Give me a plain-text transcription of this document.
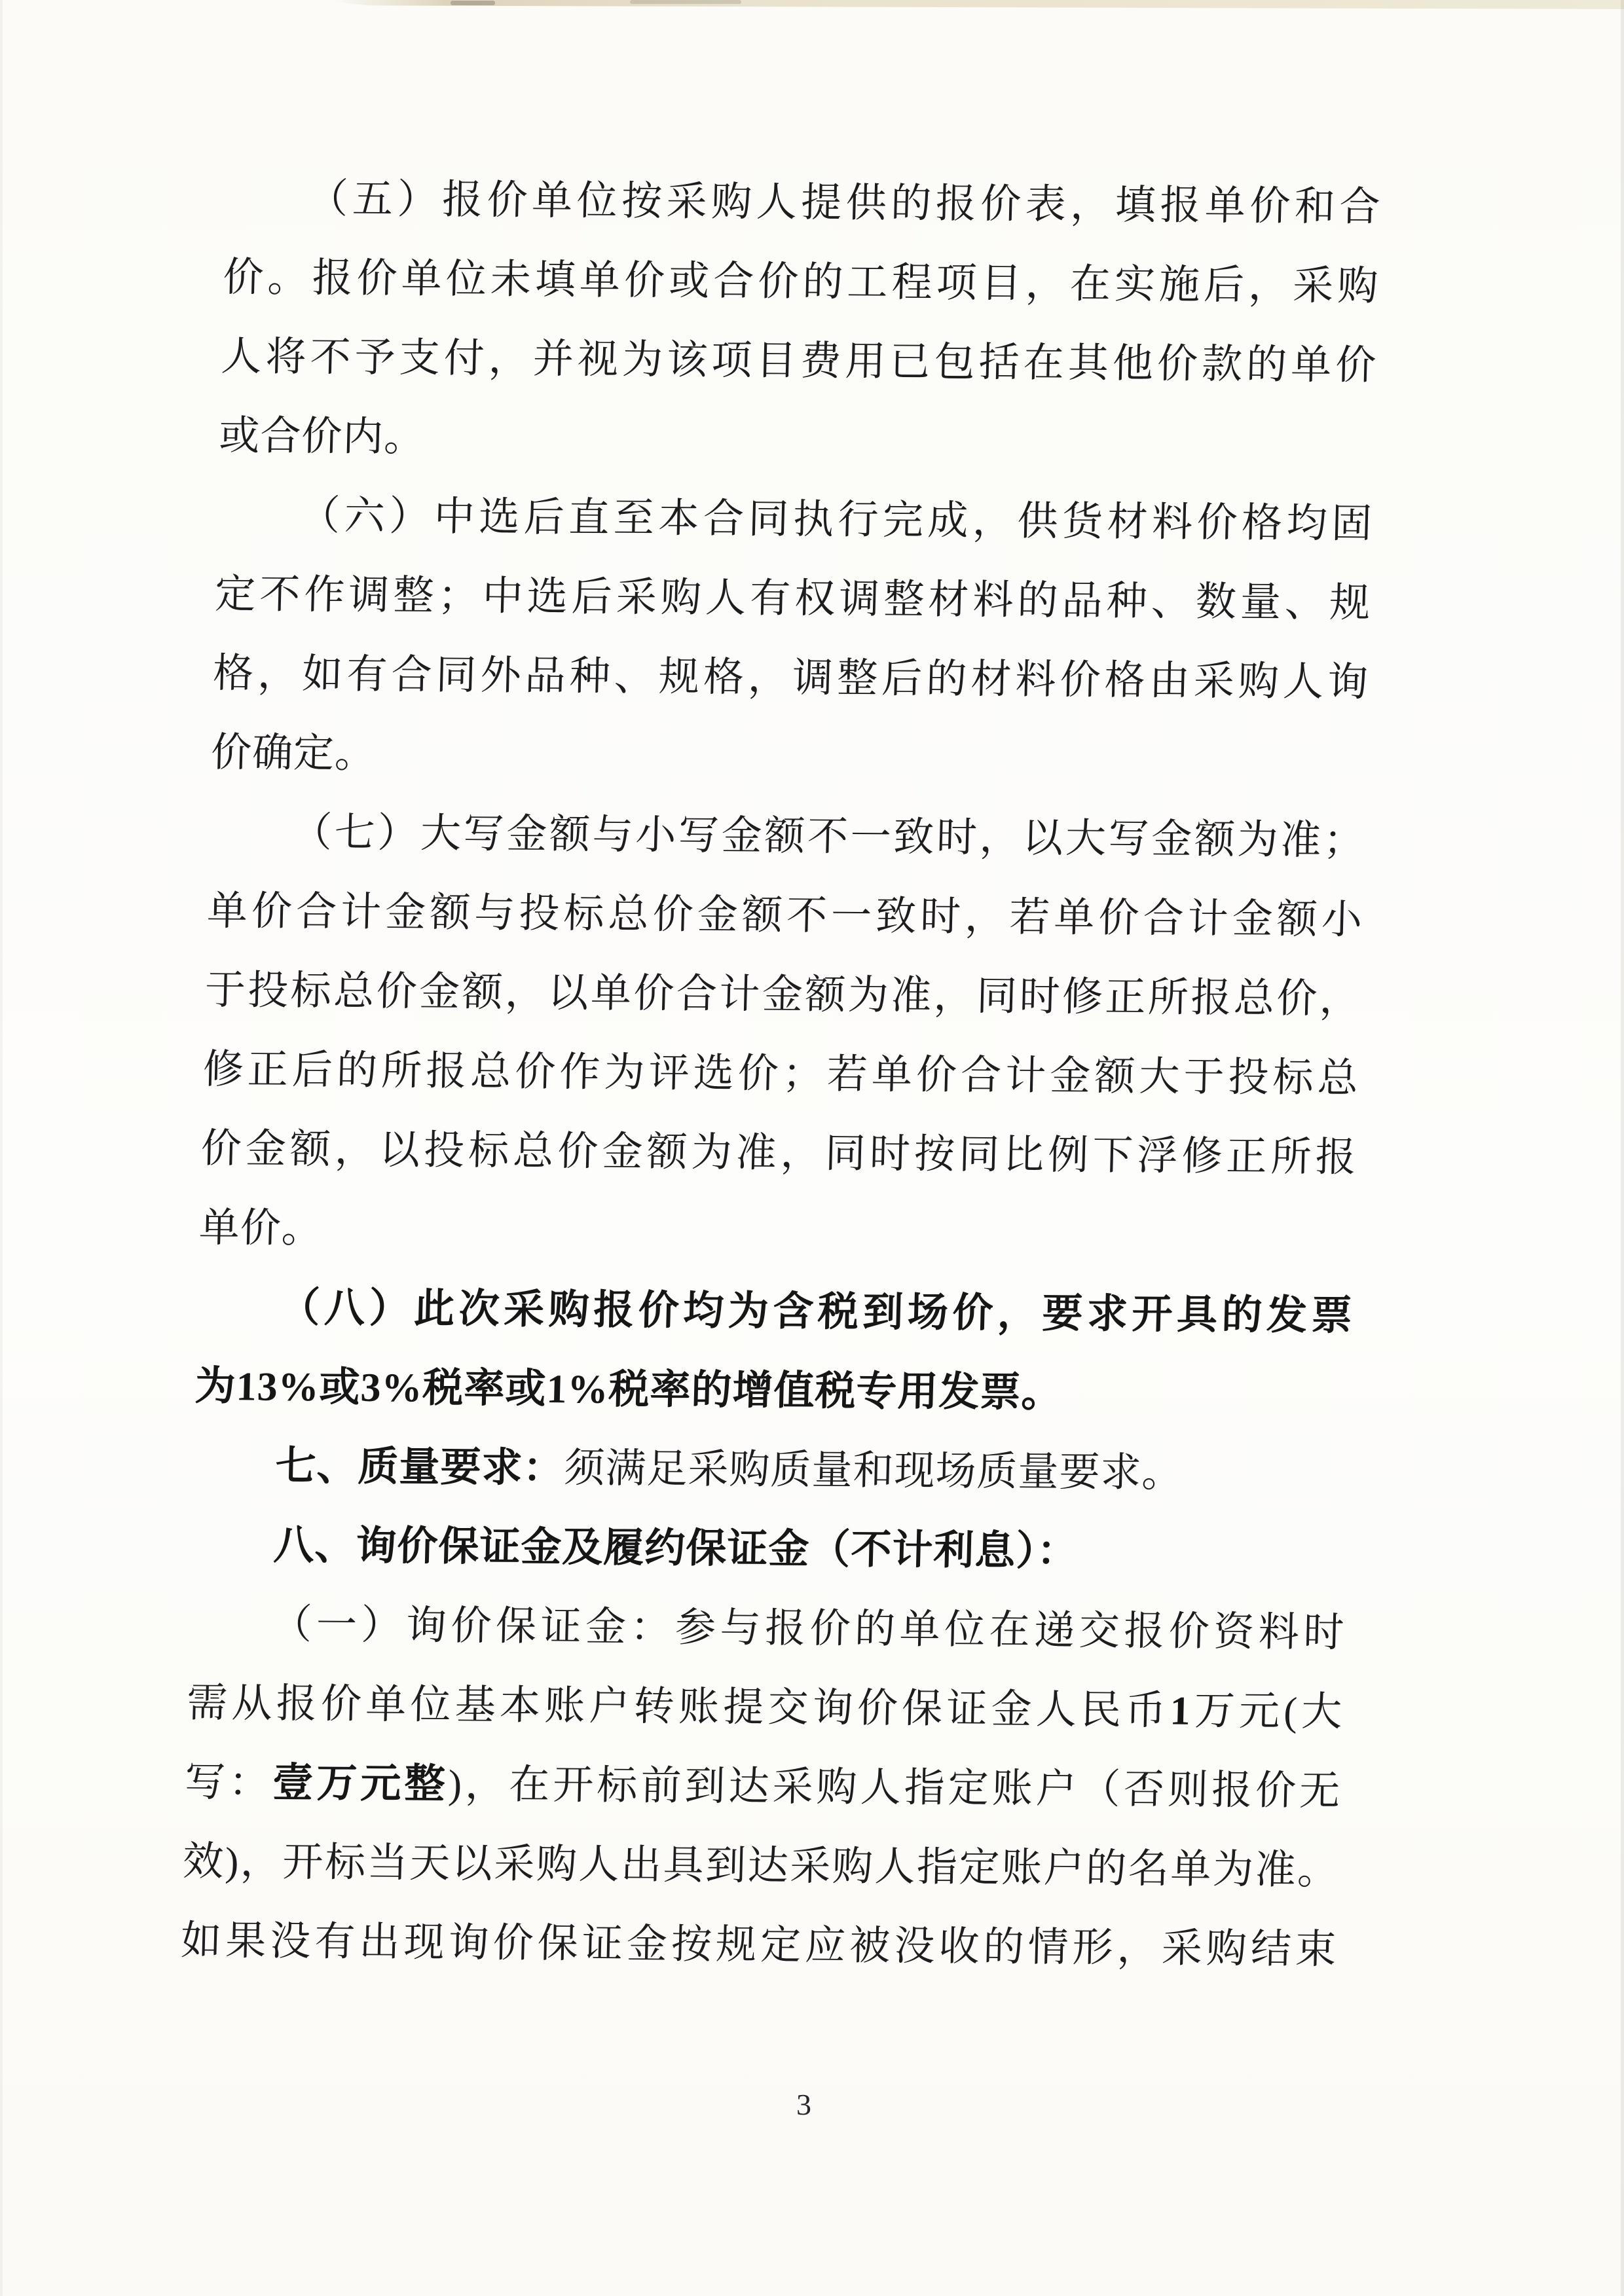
（五）报价单位按采购人提供的报价表，填报单价和合
价。报价单位未填单价或合价的工程项目，在实施后，采购
人将不予支付，并视为该项目费用已包括在其他价款的单价
或合价内。
（六）中选后直至本合同执行完成，供货材料价格均固
定不作调整；中选后采购人有权调整材料的品种、数量、规
格，如有合同外品种、规格，调整后的材料价格由采购人询
价确定。
（七）大写金额与小写金额不一致时，以大写金额为准；
单价合计金额与投标总价金额不一致时，若单价合计金额小
于投标总价金额，以单价合计金额为准，同时修正所报总价，
修正后的所报总价作为评选价；若单价合计金额大于投标总
价金额，以投标总价金额为准，同时按同比例下浮修正所报
单价。
（八）此次采购报价均为含税到场价，要求开具的发票
为13%或3%税率或1%税率的增值税专用发票。
七、质量要求：须满足采购质量和现场质量要求。
八、询价保证金及履约保证金（不计利息）：
（一）询价保证金：参与报价的单位在递交报价资料时
需从报价单位基本账户转账提交询价保证金人民币1万元(大
写：壹万元整)，在开标前到达采购人指定账户（否则报价无
效)，开标当天以采购人出具到达采购人指定账户的名单为准。
如果没有出现询价保证金按规定应被没收的情形，采购结束
3
